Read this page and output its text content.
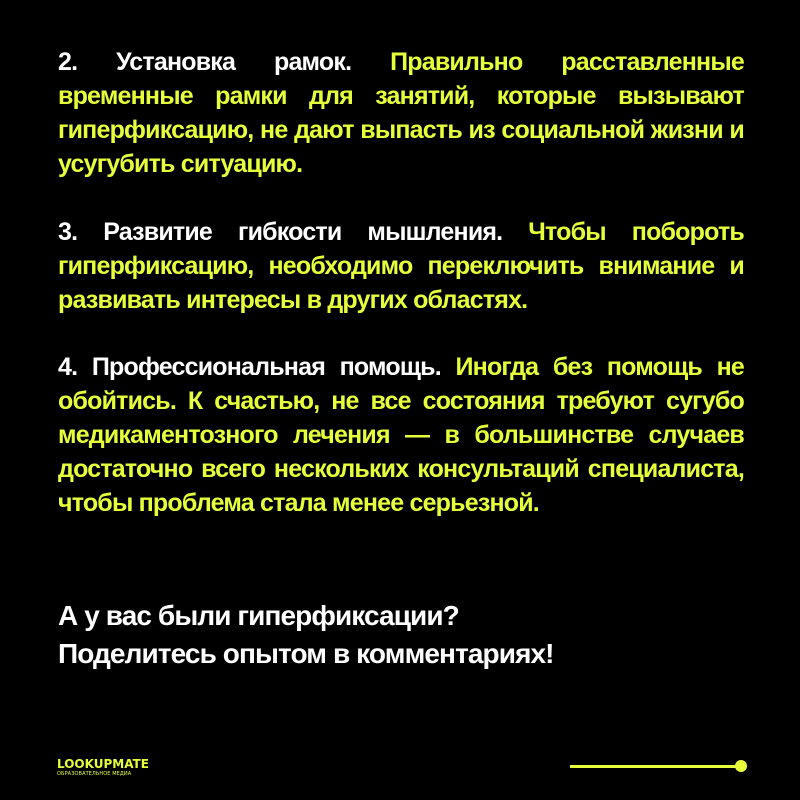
2. Установка рамок. Правильно расставленные временные рамки для занятий, которые вызывают гиперфиксацию, не дают выпасть из социальной жизни и усугубить ситуацию.
3. Развитие гибкости мышления. Чтобы побороть гиперфиксацию, необходимо переключить внимание и развивать интересы в других областях.
4. Профессиональная помощь. Иногда без помощь не обойтись. К счастью, не все состояния требуют сугубо медикаментозного лечения — в большинстве случаев достаточно всего нескольких консультаций специалиста, чтобы проблема стала менее серьезной.
А у вас были гиперфиксации?
Поделитесь опытом в комментариях!
LOOKUPMATE
ОБРАЗОВАТЕЛЬНОЕ МЕДИА
